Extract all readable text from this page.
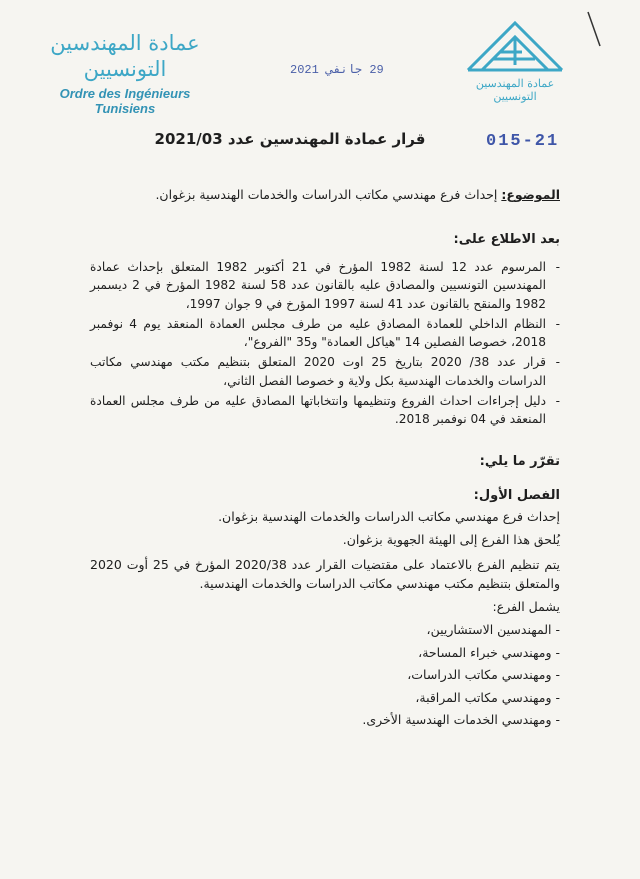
عمادة المهندسين التونسيين
Ordre des Ingénieurs Tunisiens
29 جانفي 2021
عمادة المهندسين التونسيين
015-21
قرار عمادة المهندسين عدد 2021/03
الموضوع: إحداث فرع مهندسي مكاتب الدراسات والخدمات الهندسية بزغوان.
بعد الاطلاع على:
- المرسوم عدد 12 لسنة 1982 المؤرخ في 21 أكتوبر 1982 المتعلق بإحداث عمادة المهندسين التونسيين والمصادق عليه بالقانون عدد 58 لسنة 1982 المؤرخ في 2 ديسمبر 1982 والمنقح بالقانون عدد 41 لسنة 1997 المؤرخ في 9 جوان 1997،
- النظام الداخلي للعمادة المصادق عليه من طرف مجلس العمادة المنعقد يوم 4 نوفمبر 2018، خصوصا الفصلين 14 "هياكل العمادة" و35 "الفروع"،
- قرار عدد 38/ 2020 بتاريخ 25 اوت 2020 المتعلق بتنظيم مكتب مهندسي مكاتب الدراسات والخدمات الهندسية بكل ولاية و خصوصا الفصل الثاني،
- دليل إجراءات احداث الفروع وتنظيمها وانتخاباتها المصادق عليه من طرف مجلس العمادة المنعقد في 04 نوفمبر 2018.
تقرّر ما يلي:
الفصل الأول:
إحداث فرع مهندسي مكاتب الدراسات والخدمات الهندسية بزغوان.
يُلحق هذا الفرع إلى الهيئة الجهوية بزغوان.
يتم تنظيم الفرع بالاعتماد على مقتضيات القرار عدد 2020/38 المؤرخ في 25 أوت 2020 والمتعلق بتنظيم مكتب مهندسي مكاتب الدراسات والخدمات الهندسية.
يشمل الفرع:
- المهندسين الاستشاريين،
- ومهندسي خبراء المساحة،
- ومهندسي مكاتب الدراسات،
- ومهندسي مكاتب المراقبة،
- ومهندسي الخدمات الهندسية الأخرى.
